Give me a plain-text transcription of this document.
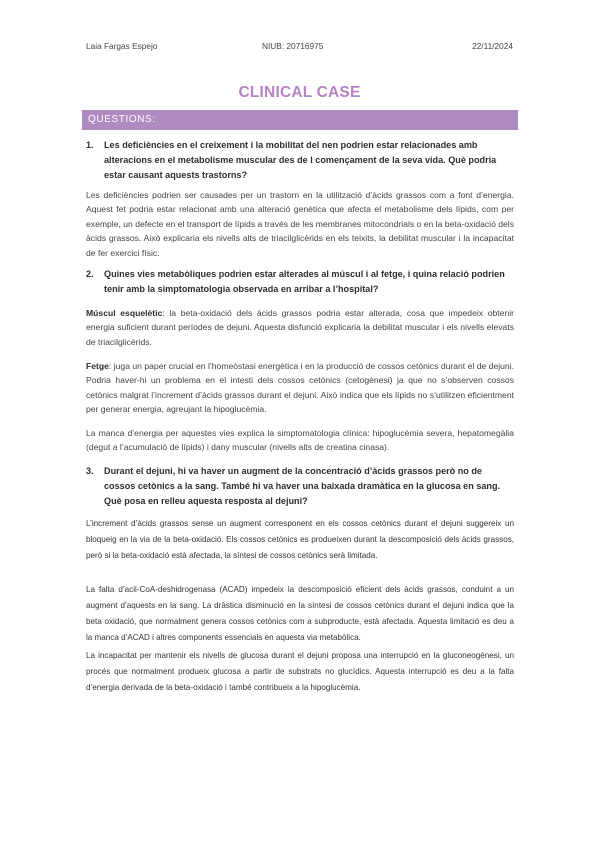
Laia Fargas Espejo	NIUB: 20716975	22/11/2024
CLINICAL CASE
QUESTIONS:
1. Les deficiències en el creixement i la mobilitat del nen podrien estar relacionades amb alteracions en el metabolisme muscular des de l començament de la seva vida. Què podria estar causant aquests trastorns?
Les deficiències podrien ser causades per un trastorn en la utilització d’àcids grassos com a font d’energia. Aquest fet podria estar relacionat amb una alteració genètica que afecta el metabolisme dels lípids, com per exemple, un defecte en el transport de lípids a través de les membranes mitocondrials o en la beta-oxidació dels àcids grassos. Això explicaria els nivells alts de triacilglicèrids en els teixits, la debilitat muscular i la incapacitat de fer exercici físic.
2. Quines vies metabòliques podrien estar alterades al múscul i al fetge, i quina relació podrien tenir amb la simptomatologia observada en arribar a l’hospital?
Múscul esquelètic: la beta-oxidació dels àcids grassos podria estar alterada, cosa que impedeix obtenir energia suficient durant períodes de dejuni. Aquesta disfunció explicaria la debilitat muscular i els nivells elevats de triacilglicèrids.
Fetge: juga un paper crucial en l’homeòstasi energètica i en la producció de cossos cetònics durant el de dejuni. Podria haver-hi un problema en el intesti dels cossos cetònics (cetogènesi) ja que no s’observen cossos cetònics malgrat l’increment d’àcids grassos durant el dejuni. Això indica que els lípids no s’utilitzen eficientment per generar energia, agreujant la hipoglucèmia.
La manca d’energia per aquestes vies explica la simptomatologia clínica: hipoglucèmia severa, hepatomegàlia (degut a l’acumulació de lípids) i dany muscular (nivells alts de creatina cinasa).
3. Durant el dejuni, hi va haver un augment de la concentració d’àcids grassos però no de cossos cetònics a la sang. També hi va haver una baixada dramàtica en la glucosa en sang. Què posa en relleu aquesta resposta al dejuni?
L’increment d’àcids grassos sense un augment corresponent en els cossos cetònics durant el dejuni suggereix un bloqueig en la via de la beta-oxidació. Els cossos cetònics es produeixen durant la descomposició dels àcids grassos, però si la beta-oxidació està afectada, la síntesi de cossos cetònics serà limitada.
La falta d’acil-CoA-deshidrogenasa (ACAD) impedeix la descomposició eficient dels àcids grassos, conduint a un augment d’aquests en la sang. La dràstica disminució en la síntesi de cossos cetònics durant el dejuni indica que la beta oxidació, que normalment genera cossos cetònics com a subproducte, està afectada. Aquesta limitació es deu a la manca d’ACAD i altres components essencials en aquesta via metabòlica.
La incapacitat per mantenir els nivells de glucosa durant el dejuni proposa una interrupció en la gluconeogènesi, un procés que normalment produeix glucosa a partir de substrats no glucídics. Aquesta interrupció es deu a la falta d’energia derivada de la beta-oxidació i també contribueix a la hipoglucèmia.
